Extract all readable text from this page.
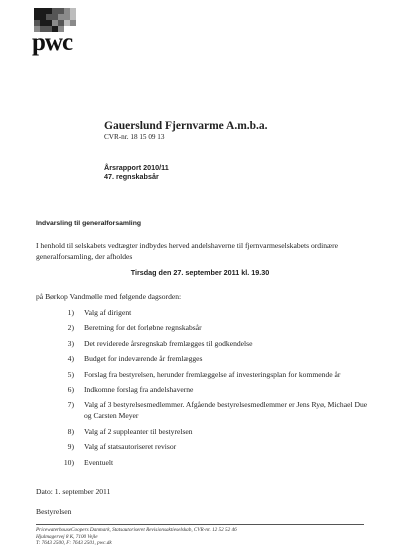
pwc
Gauerslund Fjernvarme A.m.b.a.
CVR-nr. 18 15 09 13
Årsrapport 2010/11
47. regnskabsår
Indvarsling til generalforsamling
I henhold til selskabets vedtægter indbydes herved andelshaverne til fjernvarmeselskabets ordinære generalforsamling, der afholdes
Tirsdag den 27. september 2011 kl. 19.30
på Børkop Vandmølle med følgende dagsorden:
1) Valg af dirigent
2) Beretning for det forløbne regnskabsår
3) Det reviderede årsregnskab fremlægges til godkendelse
4) Budget for indeværende år fremlægges
5) Forslag fra bestyrelsen, herunder fremlæggelse af investeringsplan for kommende år
6) Indkomne forslag fra andelshaverne
7) Valg af 3 bestyrelsesmedlemmer. Afgående bestyrelsesmedlemmer er Jens Ryø, Michael Due og Carsten Meyer
8) Valg af 2 suppleanter til bestyrelsen
9) Valg af statsautoriseret revisor
10) Eventuelt
Dato: 1. september 2011
Bestyrelsen
PricewaterhouseCoopers Danmark, Statsautoriseret Revisionsaktieselskab, CVR-nr. 12 52 52 46
Hjulmagervej 8 K, 7100 Vejle
T: 7643 2500, F: 7643 2501, pwc.dk
